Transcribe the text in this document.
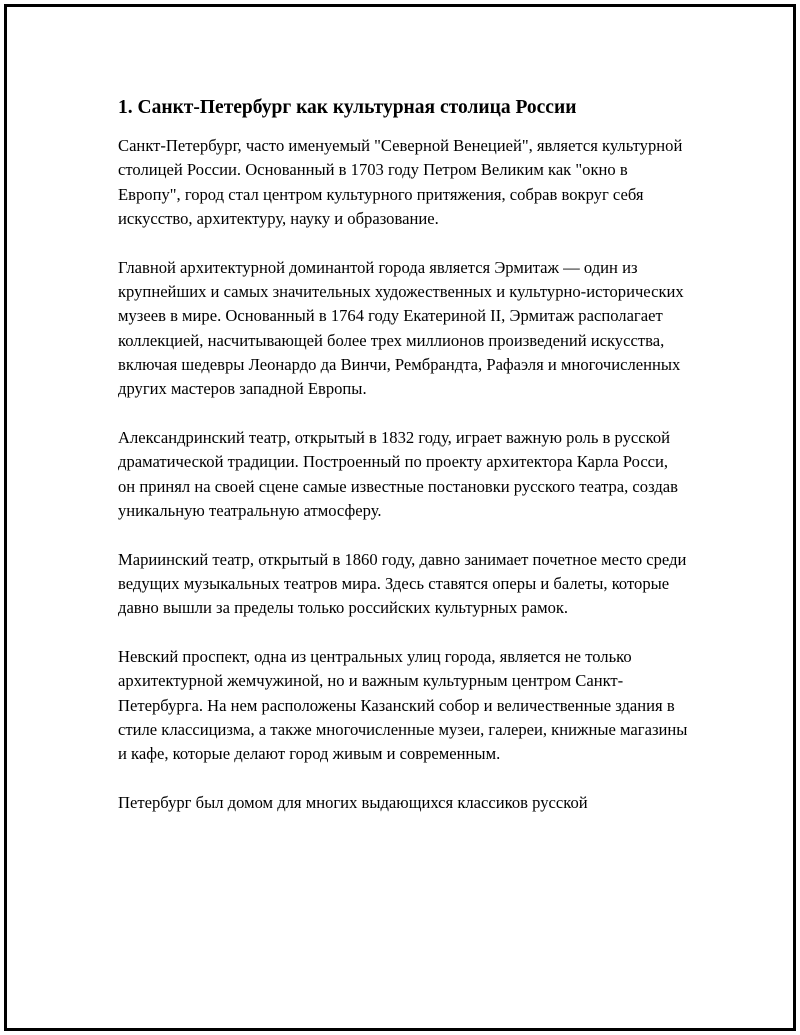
1. Санкт-Петербург как культурная столица России

Санкт-Петербург, часто именуемый "Северной Венецией", является культурной столицей России. Основанный в 1703 году Петром Великим как "окно в Европу", город стал центром культурного притяжения, собрав вокруг себя искусство, архитектуру, науку и образование.

Главной архитектурной доминантой города является Эрмитаж — один из крупнейших и самых значительных художественных и культурно-исторических музеев в мире. Основанный в 1764 году Екатериной II, Эрмитаж располагает коллекцией, насчитывающей более трех миллионов произведений искусства, включая шедевры Леонардо да Винчи, Рембрандта, Рафаэля и многочисленных других мастеров западной Европы.

Александринский театр, открытый в 1832 году, играет важную роль в русской драматической традиции. Построенный по проекту архитектора Карла Росси, он принял на своей сцене самые известные постановки русского театра, создав уникальную театральную атмосферу.

Мариинский театр, открытый в 1860 году, давно занимает почетное место среди ведущих музыкальных театров мира. Здесь ставятся оперы и балеты, которые давно вышли за пределы только российских культурных рамок.

Невский проспект, одна из центральных улиц города, является не только архитектурной жемчужиной, но и важным культурным центром Санкт-Петербурга. На нем расположены Казанский собор и величественные здания в стиле классицизма, а также многочисленные музеи, галереи, книжные магазины и кафе, которые делают город живым и современным.

Петербург был домом для многих выдающихся классиков русской
